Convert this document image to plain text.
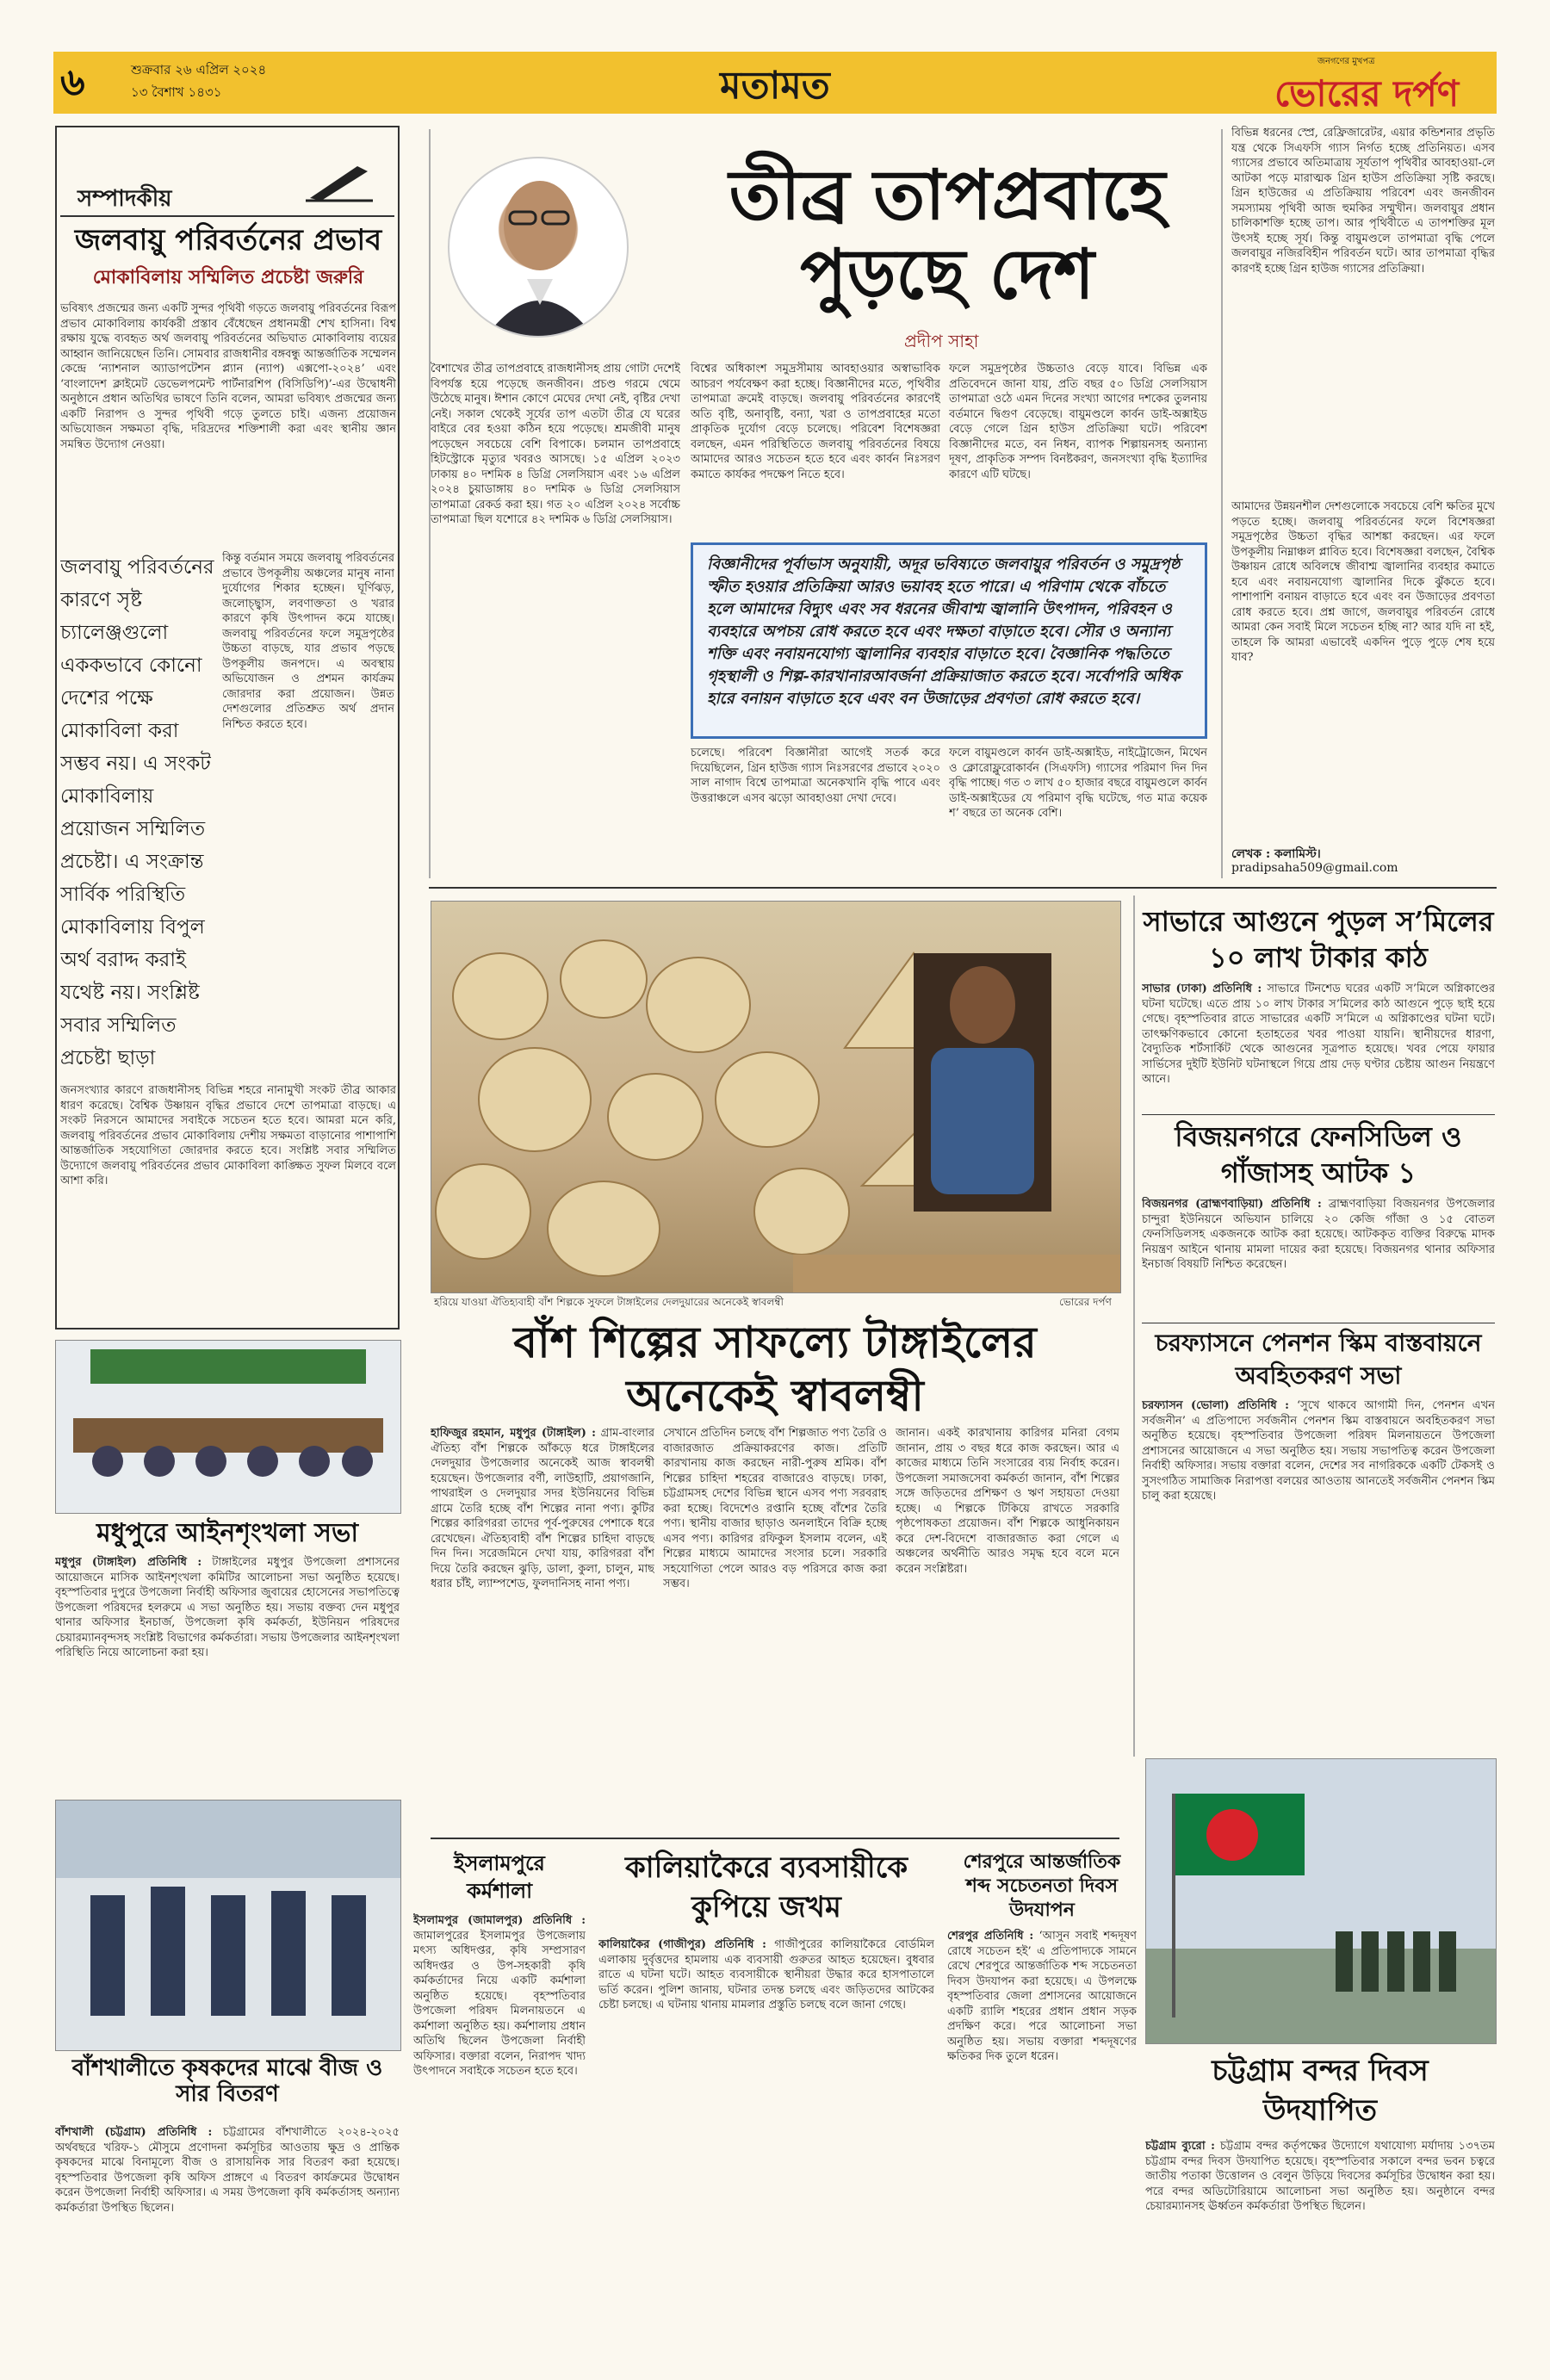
৬	শুক্রবার ২৬ এপ্রিল ২০২৪
১৩ বৈশাখ ১৪৩১	মতামত
জনগণের মুখপত্র
ভোরের দর্পণ
সম্পাদকীয়
জলবায়ু পরিবর্তনের প্রভাব
মোকাবিলায় সম্মিলিত প্রচেষ্টা জরুরি
ভবিষ্যৎ প্রজন্মের জন্য একটি সুন্দর পৃথিবী গড়তে জলবায়ু পরিবর্তনের বিরূপ প্রভাব মোকাবিলায় কার্যকরী প্রস্তাব বেঁধেছেন প্রধানমন্ত্রী শেখ হাসিনা। বিশ্ব রক্ষায় যুদ্ধে ব্যবহৃত অর্থ জলবায়ু পরিবর্তনের অভিঘাত মোকাবিলায় ব্যয়ের আহ্বান জানিয়েছেন তিনি। সোমবার রাজধানীর বঙ্গবন্ধু আন্তর্জাতিক সম্মেলন কেন্দ্রে ‘ন্যাশনাল অ্যাডাপটেশন প্ল্যান (ন্যাপ) এক্সপো-২০২৪’ এবং ‘বাংলাদেশ ক্লাইমেট ডেভেলপমেন্ট পার্টনারশিপ (বিসিডিপি)’-এর উদ্বোধনী অনুষ্ঠানে প্রধান অতিথির ভাষণে তিনি বলেন, আমরা ভবিষ্যৎ প্রজন্মের জন্য একটি নিরাপদ ও সুন্দর পৃথিবী গড়ে তুলতে চাই। এজন্য প্রয়োজন অভিযোজন সক্ষমতা বৃদ্ধি, দরিদ্রদের শক্তিশালী করা এবং স্থানীয় জ্ঞান সমন্বিত উদ্যোগ নেওয়া।
জলবায়ু পরিবর্তনের কারণে সৃষ্ট চ্যালেঞ্জগুলো এককভাবে কোনো দেশের পক্ষে মোকাবিলা করা সম্ভব নয়। এ সংকট মোকাবিলায় প্রয়োজন সম্মিলিত প্রচেষ্টা। এ সংক্রান্ত সার্বিক পরিস্থিতি মোকাবিলায় বিপুল অর্থ বরাদ্দ করাই যথেষ্ট নয়। সংশ্লিষ্ট সবার সম্মিলিত প্রচেষ্টা ছাড়া
কিন্তু বর্তমান সময়ে জলবায়ু পরিবর্তনের প্রভাবে উপকূলীয় অঞ্চলের মানুষ নানা দুর্যোগের শিকার হচ্ছেন। ঘূর্ণিঝড়, জলোচ্ছ্বাস, লবণাক্ততা ও খরার কারণে কৃষি উৎপাদন কমে যাচ্ছে। জলবায়ু পরিবর্তনের ফলে সমুদ্রপৃষ্ঠের উচ্চতা বাড়ছে, যার প্রভাব পড়ছে উপকূলীয় জনপদে। এ অবস্থায় অভিযোজন ও প্রশমন কার্যক্রম জোরদার করা প্রয়োজন। উন্নত দেশগুলোর প্রতিশ্রুত অর্থ প্রদান নিশ্চিত করতে হবে।
জনসংখ্যার কারণে রাজধানীসহ বিভিন্ন শহরে নানামুখী সংকট তীব্র আকার ধারণ করেছে। বৈশ্বিক উষ্ণায়ন বৃদ্ধির প্রভাবে দেশে তাপমাত্রা বাড়ছে। এ সংকট নিরসনে আমাদের সবাইকে সচেতন হতে হবে। আমরা মনে করি, জলবায়ু পরিবর্তনের প্রভাব মোকাবিলায় দেশীয় সক্ষমতা বাড়ানোর পাশাপাশি আন্তর্জাতিক সহযোগিতা জোরদার করতে হবে। সংশ্লিষ্ট সবার সম্মিলিত উদ্যোগে জলবায়ু পরিবর্তনের প্রভাব মোকাবিলা কাঙ্ক্ষিত সুফল মিলবে বলে আশা করি।
তীব্র তাপপ্রবাহে
পুড়ছে দেশ
প্রদীপ সাহা
বৈশাখের তীব্র তাপপ্রবাহে রাজধানীসহ প্রায় গোটা দেশেই বিপর্যস্ত হয়ে পড়েছে জনজীবন। প্রচণ্ড গরমে থেমে উঠেছে মানুষ। ঈশান কোণে মেঘের দেখা নেই, বৃষ্টির দেখা নেই। সকাল থেকেই সূর্যের তাপ এতটা তীব্র যে ঘরের বাইরে বের হওয়া কঠিন হয়ে পড়েছে। শ্রমজীবী মানুষ পড়েছেন সবচেয়ে বেশি বিপাকে। চলমান তাপপ্রবাহে হিটস্ট্রোকে মৃত্যুর খবরও আসছে। ১৫ এপ্রিল ২০২৩ ঢাকায় ৪০ দশমিক ৪ ডিগ্রি সেলসিয়াস এবং ১৬ এপ্রিল ২০২৪ চুয়াডাঙ্গায় ৪০ দশমিক ৬ ডিগ্রি সেলসিয়াস তাপমাত্রা রেকর্ড করা হয়। গত ২০ এপ্রিল ২০২৪ সর্বোচ্চ তাপমাত্রা ছিল যশোরে ৪২ দশমিক ৬ ডিগ্রি সেলসিয়াস।
বিশ্বের অধিকাংশ সমুদ্রসীমায় আবহাওয়ার অস্বাভাবিক আচরণ পর্যবেক্ষণ করা হচ্ছে। বিজ্ঞানীদের মতে, পৃথিবীর তাপমাত্রা ক্রমেই বাড়ছে। জলবায়ু পরিবর্তনের কারণেই অতি বৃষ্টি, অনাবৃষ্টি, বন্যা, খরা ও তাপপ্রবাহের মতো প্রাকৃতিক দুর্যোগ বেড়ে চলেছে। পরিবেশ বিশেষজ্ঞরা বলছেন, এমন পরিস্থিতিতে জলবায়ু পরিবর্তনের বিষয়ে আমাদের আরও সচেতন হতে হবে এবং কার্বন নিঃসরণ কমাতে কার্যকর পদক্ষেপ নিতে হবে।
ফলে সমুদ্রপৃষ্ঠের উচ্চতাও বেড়ে যাবে। বিভিন্ন এক প্রতিবেদনে জানা যায়, প্রতি বছর ৫০ ডিগ্রি সেলসিয়াস তাপমাত্রা ওঠে এমন দিনের সংখ্যা আগের দশকের তুলনায় বর্তমানে দ্বিগুণ বেড়েছে। বায়ুমণ্ডলে কার্বন ডাই-অক্সাইড বেড়ে গেলে গ্রিন হাউস প্রতিক্রিয়া ঘটে। পরিবেশ বিজ্ঞানীদের মতে, বন নিধন, ব্যাপক শিল্পায়নসহ অন্যান্য দূষণ, প্রাকৃতিক সম্পদ বিনষ্টকরণ, জনসংখ্যা বৃদ্ধি ইত্যাদির কারণে এটি ঘটছে।
বিজ্ঞানীদের পূর্বাভাস অনুযায়ী, অদূর ভবিষ্যতে জলবায়ুর পরিবর্তন ও সমুদ্রপৃষ্ঠ স্ফীত হওয়ার প্রতিক্রিয়া আরও ভয়াবহ হতে পারে। এ পরিণাম থেকে বাঁচতে হলে আমাদের বিদ্যুৎ এবং সব ধরনের জীবাশ্ম জ্বালানি উৎপাদন, পরিবহন ও ব্যবহারে অপচয় রোধ করতে হবে এবং দক্ষতা বাড়াতে হবে। সৌর ও অন্যান্য শক্তি এবং নবায়নযোগ্য জ্বালানির ব্যবহার বাড়াতে হবে। বৈজ্ঞানিক পদ্ধতিতে গৃহস্থালী ও শিল্প-কারখানারআবর্জনা প্রক্রিয়াজাত করতে হবে। সর্বোপরি অধিক হারে বনায়ন বাড়াতে হবে এবং বন উজাড়ের প্রবণতা রোধ করতে হবে।
চলেছে। পরিবেশ বিজ্ঞানীরা আগেই সতর্ক করে দিয়েছিলেন, গ্রিন হাউজ গ্যাস নিঃসরণের প্রভাবে ২০২০ সাল নাগাদ বিশ্বে তাপমাত্রা অনেকখানি বৃদ্ধি পাবে এবং উত্তরাঞ্চলে এসব ঝড়ো আবহাওয়া দেখা দেবে।
ফলে বায়ুমণ্ডলে কার্বন ডাই-অক্সাইড, নাইট্রোজেন, মিথেন ও ক্লোরোফ্লুরোকার্বন (সিএফসি) গ্যাসের পরিমাণ দিন দিন বৃদ্ধি পাচ্ছে। গত ৩ লাখ ৫০ হাজার বছরে বায়ুমণ্ডলে কার্বন ডাই-অক্সাইডের যে পরিমাণ বৃদ্ধি ঘটেছে, গত মাত্র কয়েক শ’ বছরে তা অনেক বেশি।
বিভিন্ন ধরনের স্প্রে, রেফ্রিজারেটর, এয়ার কন্ডিশনার প্রভৃতি যন্ত্র থেকে সিএফসি গ্যাস নির্গত হচ্ছে প্রতিনিয়ত। এসব গ্যাসের প্রভাবে অতিমাত্রায় সূর্যতাপ পৃথিবীর আবহাওয়া-লে আটকা পড়ে মারাত্মক গ্রিন হাউস প্রতিক্রিয়া সৃষ্টি করছে। গ্রিন হাউজের এ প্রতিক্রিয়ায় পরিবেশ এবং জনজীবন সমস্যাময় পৃথিবী আজ হুমকির সম্মুখীন। জলবায়ুর প্রধান চালিকাশক্তি হচ্ছে তাপ। আর পৃথিবীতে এ তাপশক্তির মূল উৎসই হচ্ছে সূর্য। কিন্তু বায়ুমণ্ডলে তাপমাত্রা বৃদ্ধি পেলে জলবায়ুর নজিরবিহীন পরিবর্তন ঘটে। আর তাপমাত্রা বৃদ্ধির কারণই হচ্ছে গ্রিন হাউজ গ্যাসের প্রতিক্রিয়া।
আমাদের উন্নয়নশীল দেশগুলোকে সবচেয়ে বেশি ক্ষতির মুখে পড়তে হচ্ছে। জলবায়ু পরিবর্তনের ফলে বিশেষজ্ঞরা সমুদ্রপৃষ্ঠের উচ্চতা বৃদ্ধির আশঙ্কা করছেন। এর ফলে উপকূলীয় নিম্নাঞ্চল প্লাবিত হবে। বিশেষজ্ঞরা বলছেন, বৈশ্বিক উষ্ণায়ন রোধে অবিলম্বে জীবাশ্ম জ্বালানির ব্যবহার কমাতে হবে এবং নবায়নযোগ্য জ্বালানির দিকে ঝুঁকতে হবে। পাশাপাশি বনায়ন বাড়াতে হবে এবং বন উজাড়ের প্রবণতা রোধ করতে হবে। প্রশ্ন জাগে, জলবায়ুর পরিবর্তন রোধে আমরা কেন সবাই মিলে সচেতন হচ্ছি না? আর যদি না হই, তাহলে কি আমরা এভাবেই একদিন পুড়ে পুড়ে শেষ হয়ে যাব?
লেখক : কলামিস্ট।
pradipsaha509@gmail.com
হরিয়ে যাওয়া ঐতিহ্যবাহী বাঁশ শিল্পকে সুফলে টাঙ্গাইলের দেলদুয়ারের অনেকেই স্বাবলম্বী	ভোরের দর্পণ
বাঁশ শিল্পের সাফল্যে টাঙ্গাইলের
অনেকেই স্বাবলম্বী
হাফিজুর রহমান, মধুপুর (টাঙ্গাইল) : গ্রাম-বাংলার ঐতিহ্য বাঁশ শিল্পকে আঁকড়ে ধরে টাঙ্গাইলের দেলদুয়ার উপজেলার অনেকেই আজ স্বাবলম্বী হয়েছেন। উপজেলার বর্ণী, লাউহাটি, প্রয়াগজানি, পাথরাইল ও দেলদুয়ার সদর ইউনিয়নের বিভিন্ন গ্রামে তৈরি হচ্ছে বাঁশ শিল্পের নানা পণ্য। কুটির শিল্পের কারিগররা তাদের পূর্ব-পুরুষের পেশাকে ধরে রেখেছেন। ঐতিহ্যবাহী বাঁশ শিল্পের চাহিদা বাড়ছে দিন দিন। সরেজমিনে দেখা যায়, কারিগররা বাঁশ দিয়ে তৈরি করছেন ঝুড়ি, ডালা, কুলা, চালুন, মাছ ধরার চাঁই, ল্যাম্পশেড, ফুলদানিসহ নানা পণ্য।
সেখানে প্রতিদিন চলছে বাঁশ শিল্পজাত পণ্য তৈরি ও বাজারজাত প্রক্রিয়াকরণের কাজ। প্রতিটি কারখানায় কাজ করছেন নারী-পুরুষ শ্রমিক। বাঁশ শিল্পের চাহিদা শহরের বাজারেও বাড়ছে। ঢাকা, চট্টগ্রামসহ দেশের বিভিন্ন স্থানে এসব পণ্য সরবরাহ করা হচ্ছে। বিদেশেও রপ্তানি হচ্ছে বাঁশের তৈরি পণ্য। স্থানীয় বাজার ছাড়াও অনলাইনে বিক্রি হচ্ছে এসব পণ্য। কারিগর রফিকুল ইসলাম বলেন, এই শিল্পের মাধ্যমে আমাদের সংসার চলে। সরকারি সহযোগিতা পেলে আরও বড় পরিসরে কাজ করা সম্ভব।
জানান। একই কারখানায় কারিগর মনিরা বেগম জানান, প্রায় ৩ বছর ধরে কাজ করছেন। আর এ কাজের মাধ্যমে তিনি সংসারের ব্যয় নির্বাহ করেন। উপজেলা সমাজসেবা কর্মকর্তা জানান, বাঁশ শিল্পের সঙ্গে জড়িতদের প্রশিক্ষণ ও ঋণ সহায়তা দেওয়া হচ্ছে। এ শিল্পকে টিকিয়ে রাখতে সরকারি পৃষ্ঠপোষকতা প্রয়োজন। বাঁশ শিল্পকে আধুনিকায়ন করে দেশ-বিদেশে বাজারজাত করা গেলে এ অঞ্চলের অর্থনীতি আরও সমৃদ্ধ হবে বলে মনে করেন সংশ্লিষ্টরা।
সাভারে আগুনে পুড়ল স’মিলের
১০ লাখ টাকার কাঠ
সাভার (ঢাকা) প্রতিনিধি : সাভারে টিনশেড ঘরের একটি স’মিলে অগ্নিকাণ্ডের ঘটনা ঘটেছে। এতে প্রায় ১০ লাখ টাকার স’মিলের কাঠ আগুনে পুড়ে ছাই হয়ে গেছে। বৃহস্পতিবার রাতে সাভারের একটি স’মিলে এ অগ্নিকাণ্ডের ঘটনা ঘটে। তাৎক্ষণিকভাবে কোনো হতাহতের খবর পাওয়া যায়নি। স্থানীয়দের ধারণা, বৈদ্যুতিক শর্টসার্কিট থেকে আগুনের সূত্রপাত হয়েছে। খবর পেয়ে ফায়ার সার্ভিসের দুইটি ইউনিট ঘটনাস্থলে গিয়ে প্রায় দেড় ঘণ্টার চেষ্টায় আগুন নিয়ন্ত্রণে আনে।
বিজয়নগরে ফেনসিডিল ও
গাঁজাসহ আটক ১
বিজয়নগর (ব্রাহ্মণবাড়িয়া) প্রতিনিধি : ব্রাহ্মণবাড়িয়া বিজয়নগর উপজেলার চান্দুরা ইউনিয়নে অভিযান চালিয়ে ২০ কেজি গাঁজা ও ১৫ বোতল ফেনসিডিলসহ একজনকে আটক করা হয়েছে। আটককৃত ব্যক্তির বিরুদ্ধে মাদক নিয়ন্ত্রণ আইনে থানায় মামলা দায়ের করা হয়েছে। বিজয়নগর থানার অফিসার ইনচার্জ বিষয়টি নিশ্চিত করেছেন।
চরফ্যাসনে পেনশন স্কিম বাস্তবায়নে
অবহিতকরণ সভা
চরফ্যাসন (ভোলা) প্রতিনিধি : ‘সুখে থাকবে আগামী দিন, পেনশন এখন সর্বজনীন’ এ প্রতিপাদ্যে সর্বজনীন পেনশন স্কিম বাস্তবায়নে অবহিতকরণ সভা অনুষ্ঠিত হয়েছে। বৃহস্পতিবার উপজেলা পরিষদ মিলনায়তনে উপজেলা প্রশাসনের আয়োজনে এ সভা অনুষ্ঠিত হয়। সভায় সভাপতিত্ব করেন উপজেলা নির্বাহী অফিসার। সভায় বক্তারা বলেন, দেশের সব নাগরিককে একটি টেকসই ও সুসংগঠিত সামাজিক নিরাপত্তা বলয়ের আওতায় আনতেই সর্বজনীন পেনশন স্কিম চালু করা হয়েছে।
মধুপুরে আইনশৃংখলা সভা
মধুপুর (টাঙ্গাইল) প্রতিনিধি : টাঙ্গাইলের মধুপুর উপজেলা প্রশাসনের আয়োজনে মাসিক আইনশৃংখলা কমিটির আলোচনা সভা অনুষ্ঠিত হয়েছে। বৃহস্পতিবার দুপুরে উপজেলা নির্বাহী অফিসার জুবায়ের হোসেনের সভাপতিত্বে উপজেলা পরিষদের হলরুমে এ সভা অনুষ্ঠিত হয়। সভায় বক্তব্য দেন মধুপুর থানার অফিসার ইনচার্জ, উপজেলা কৃষি কর্মকর্তা, ইউনিয়ন পরিষদের চেয়ারম্যানবৃন্দসহ সংশ্লিষ্ট বিভাগের কর্মকর্তারা। সভায় উপজেলার আইনশৃংখলা পরিস্থিতি নিয়ে আলোচনা করা হয়।
বাঁশখালীতে কৃষকদের মাঝে বীজ ও সার বিতরণ
বাঁশখালী (চট্টগ্রাম) প্রতিনিধি : চট্টগ্রামের বাঁশখালীতে ২০২৪-২০২৫ অর্থবছরে খরিফ-১ মৌসুমে প্রণোদনা কর্মসূচির আওতায় ক্ষুদ্র ও প্রান্তিক কৃষকদের মাঝে বিনামূল্যে বীজ ও রাসায়নিক সার বিতরণ করা হয়েছে। বৃহস্পতিবার উপজেলা কৃষি অফিস প্রাঙ্গণে এ বিতরণ কার্যক্রমের উদ্বোধন করেন উপজেলা নির্বাহী অফিসার। এ সময় উপজেলা কৃষি কর্মকর্তাসহ অন্যান্য কর্মকর্তারা উপস্থিত ছিলেন।
ইসলামপুরে
কর্মশালা
ইসলামপুর (জামালপুর) প্রতিনিধি : জামালপুরের ইসলামপুর উপজেলায় মৎস্য অধিদপ্তর, কৃষি সম্প্রসারণ অধিদপ্তর ও উপ-সহকারী কৃষি কর্মকর্তাদের নিয়ে একটি কর্মশালা অনুষ্ঠিত হয়েছে। বৃহস্পতিবার উপজেলা পরিষদ মিলনায়তনে এ কর্মশালা অনুষ্ঠিত হয়। কর্মশালায় প্রধান অতিথি ছিলেন উপজেলা নির্বাহী অফিসার। বক্তারা বলেন, নিরাপদ খাদ্য উৎপাদনে সবাইকে সচেতন হতে হবে।
কালিয়াকৈরে ব্যবসায়ীকে
কুপিয়ে জখম
কালিয়াকৈর (গাজীপুর) প্রতিনিধি : গাজীপুরের কালিয়াকৈরে বোর্ডমিল এলাকায় দুর্বৃত্তদের হামলায় এক ব্যবসায়ী গুরুতর আহত হয়েছেন। বুধবার রাতে এ ঘটনা ঘটে। আহত ব্যবসায়ীকে স্থানীয়রা উদ্ধার করে হাসপাতালে ভর্তি করেন। পুলিশ জানায়, ঘটনার তদন্ত চলছে এবং জড়িতদের আটকের চেষ্টা চলছে। এ ঘটনায় থানায় মামলার প্রস্তুতি চলছে বলে জানা গেছে।
শেরপুরে আন্তর্জাতিক
শব্দ সচেতনতা দিবস
উদযাপন
শেরপুর প্রতিনিধি : ‘আসুন সবাই শব্দদূষণ রোধে সচেতন হই’ এ প্রতিপাদ্যকে সামনে রেখে শেরপুরে আন্তর্জাতিক শব্দ সচেতনতা দিবস উদযাপন করা হয়েছে। এ উপলক্ষে বৃহস্পতিবার জেলা প্রশাসনের আয়োজনে একটি র‍্যালি শহরের প্রধান প্রধান সড়ক প্রদক্ষিণ করে। পরে আলোচনা সভা অনুষ্ঠিত হয়। সভায় বক্তারা শব্দদূষণের ক্ষতিকর দিক তুলে ধরেন।	চট্টগ্রাম বন্দর দিবস
উদযাপিত
চট্টগ্রাম ব্যুরো : চট্টগ্রাম বন্দর কর্তৃপক্ষের উদ্যোগে যথাযোগ্য মর্যাদায় ১৩৭তম চট্টগ্রাম বন্দর দিবস উদযাপিত হয়েছে। বৃহস্পতিবার সকালে বন্দর ভবন চত্বরে জাতীয় পতাকা উত্তোলন ও বেলুন উড়িয়ে দিবসের কর্মসূচির উদ্বোধন করা হয়। পরে বন্দর অডিটোরিয়ামে আলোচনা সভা অনুষ্ঠিত হয়। অনুষ্ঠানে বন্দর চেয়ারম্যানসহ ঊর্ধ্বতন কর্মকর্তারা উপস্থিত ছিলেন।
